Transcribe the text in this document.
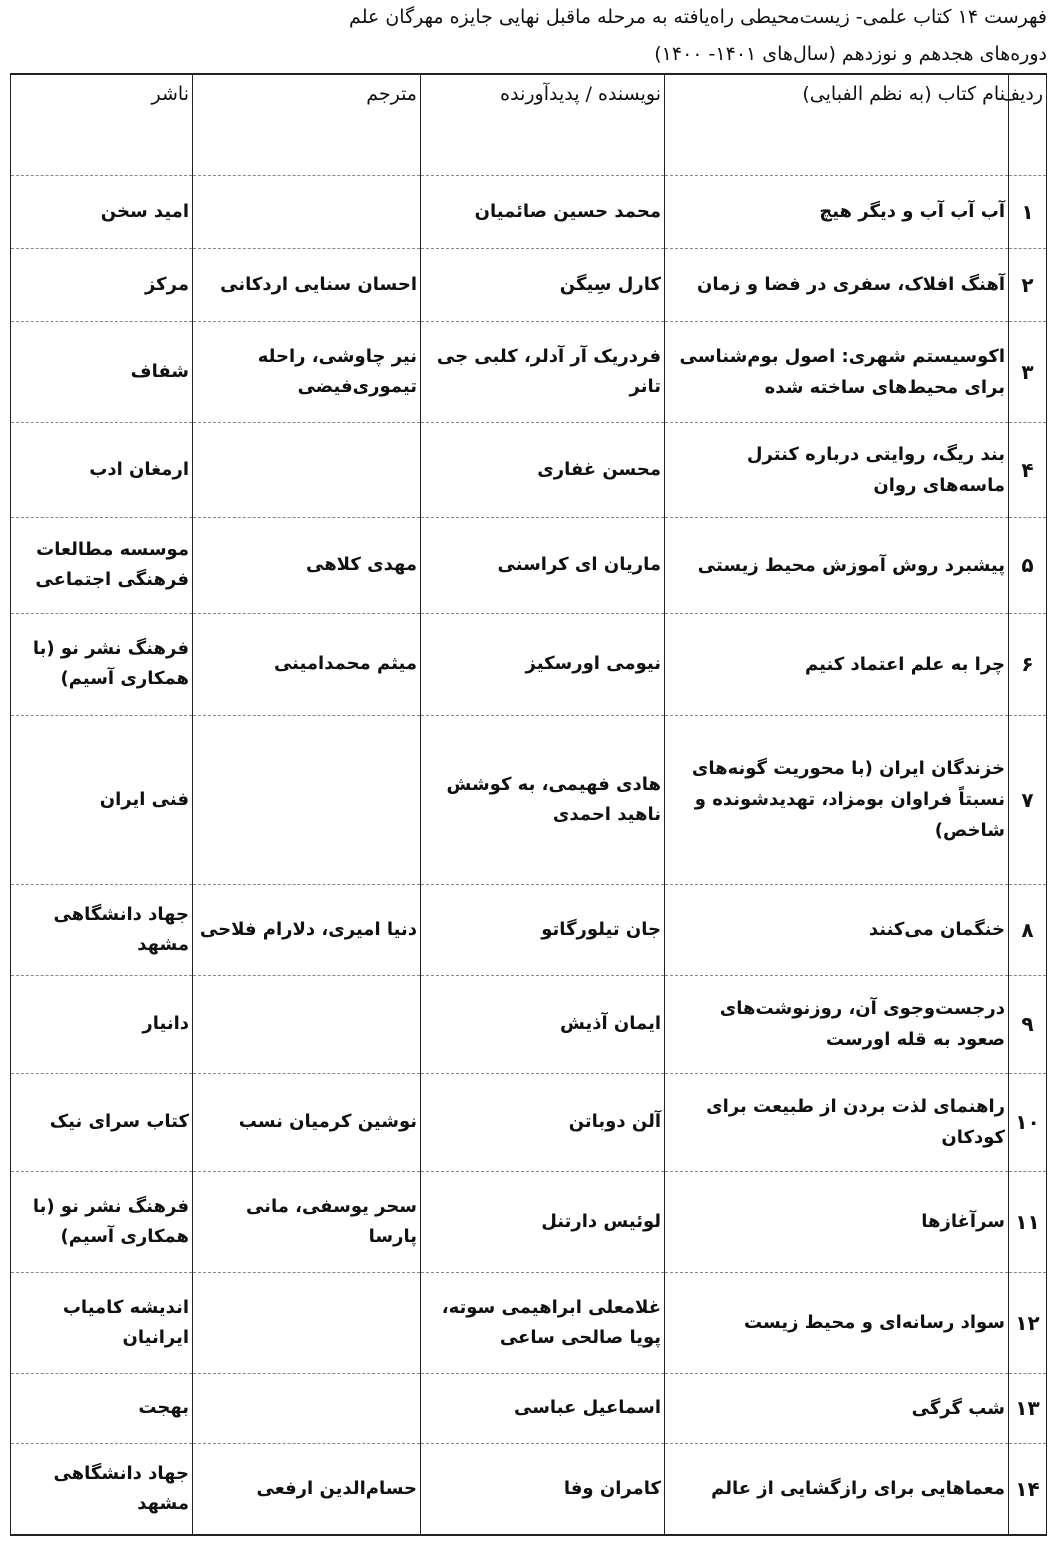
فهرست ۱۴ کتاب علمی- زیست‌محیطی راه‌یافته به مرحله ماقبل نهایی جایزه مهرگان علم
دوره‌های هجدهم و نوزدهم (سال‌های ۱۴۰۱- ۱۴۰۰)
ردیف	نام کتاب (به نظم الفبایی)	نویسنده / پدیدآورنده	مترجم	ناشر
۱	آب آب آب و دیگر هیچ	محمد حسین صائمیان		امید سخن
۲	آهنگ افلاک، سفری در فضا و زمان	کارل سِیگن	احسان سنایی اردکانی	مرکز
۳	اکوسیستم شهری: اصول بوم‌شناسی برای محیط‌های ساخته شده	فردریک آر آدلر، کلبی جی تانر	نیر چاوشی، راحله تیموری‌فیضی	شفاف
۴	بند ریگ، روایتی درباره کنترل ماسه‌های روان	محسن غفاری		ارمغان ادب
۵	پیشبرد روش آموزش محیط زیستی	ماریان ای کراسنی	مهدی کلاهی	موسسه مطالعات فرهنگی اجتماعی
۶	چرا به علم اعتماد کنیم	نیومی اورسکیز	میثم محمدامینی	فرهنگ نشر نو (با همکاری آسیم)
۷	خزندگان ایران (با محوریت گونه‌های نسبتاً فراوان بومزاد، تهدیدشونده و شاخص)	هادی فهیمی، به کوشش ناهید احمدی		فنی ایران
۸	خنگمان می‌کنند	جان تیلورگاتو	دنیا امیری، دلارام فلاحی	جهاد دانشگاهی مشهد
۹	درجست‌وجوی آن، روزنوشت‌های صعود به قله اورست	ایمان آذیش		دانیار
۱۰	راهنمای لذت بردن از طبیعت برای کودکان	آلن دوباتن	نوشین کرمیان نسب	کتاب سرای نیک
۱۱	سرآغازها	لوئیس دارتنل	سحر یوسفی، مانی پارسا	فرهنگ نشر نو (با همکاری آسیم)
۱۲	سواد رسانه‌ای و محیط زیست	غلامعلی ابراهیمی سوته، پویا صالحی ساعی		اندیشه کامیاب ایرانیان
۱۳	شب گرگی	اسماعیل عباسی		بهجت
۱۴	معماهایی برای رازگشایی از عالم	کامران وفا	حسام‌الدین ارفعی	جهاد دانشگاهی مشهد
